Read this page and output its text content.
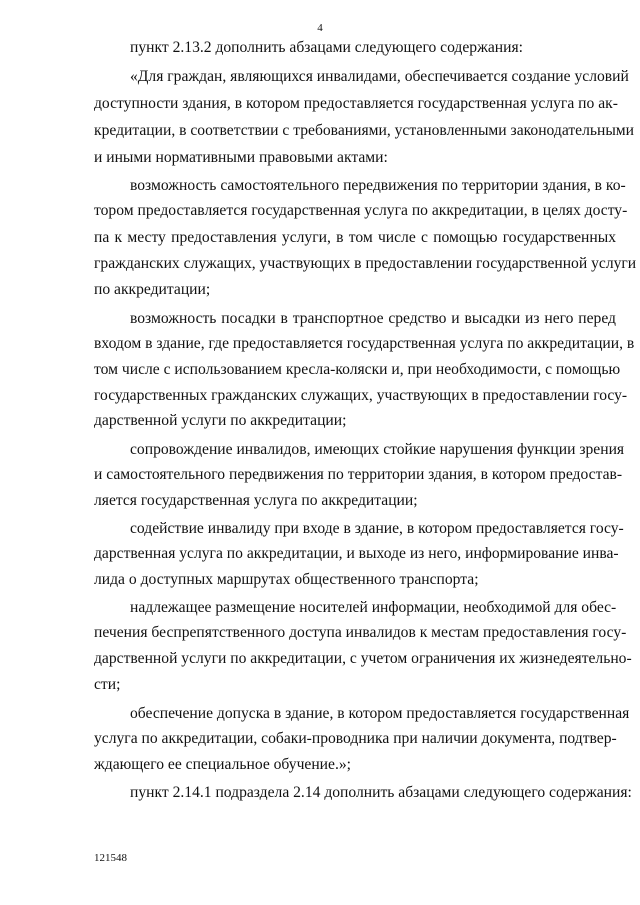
4
пункт 2.13.2 дополнить абзацами следующего содержания:
«Для граждан, являющихся инвалидами, обеспечивается создание условий
доступности здания, в котором предоставляется государственная услуга по ак-
кредитации, в соответствии с требованиями, установленными законодательными
и иными нормативными правовыми актами:
возможность самостоятельного передвижения по территории здания, в ко-
тором предоставляется государственная услуга по аккредитации, в целях досту-
па к месту предоставления услуги, в том числе с помощью государственных
гражданских служащих, участвующих в предоставлении государственной услуги
по аккредитации;
возможность посадки в транспортное средство и высадки из него перед
входом в здание, где предоставляется государственная услуга по аккредитации, в
том числе с использованием кресла-коляски и, при необходимости, с помощью
государственных гражданских служащих, участвующих в предоставлении госу-
дарственной услуги по аккредитации;
сопровождение инвалидов, имеющих стойкие нарушения функции зрения
и самостоятельного передвижения по территории здания, в котором предостав-
ляется государственная услуга по аккредитации;
содействие инвалиду при входе в здание, в котором предоставляется госу-
дарственная услуга по аккредитации, и выходе из него, информирование инва-
лида о доступных маршрутах общественного транспорта;
надлежащее размещение носителей информации, необходимой для обес-
печения беспрепятственного доступа инвалидов к местам предоставления госу-
дарственной услуги по аккредитации, с учетом ограничения их жизнедеятельно-
сти;
обеспечение допуска в здание, в котором предоставляется государственная
услуга по аккредитации, собаки-проводника при наличии документа, подтвер-
ждающего ее специальное обучение.»;
пункт 2.14.1 подраздела 2.14 дополнить абзацами следующего содержания:
121548
